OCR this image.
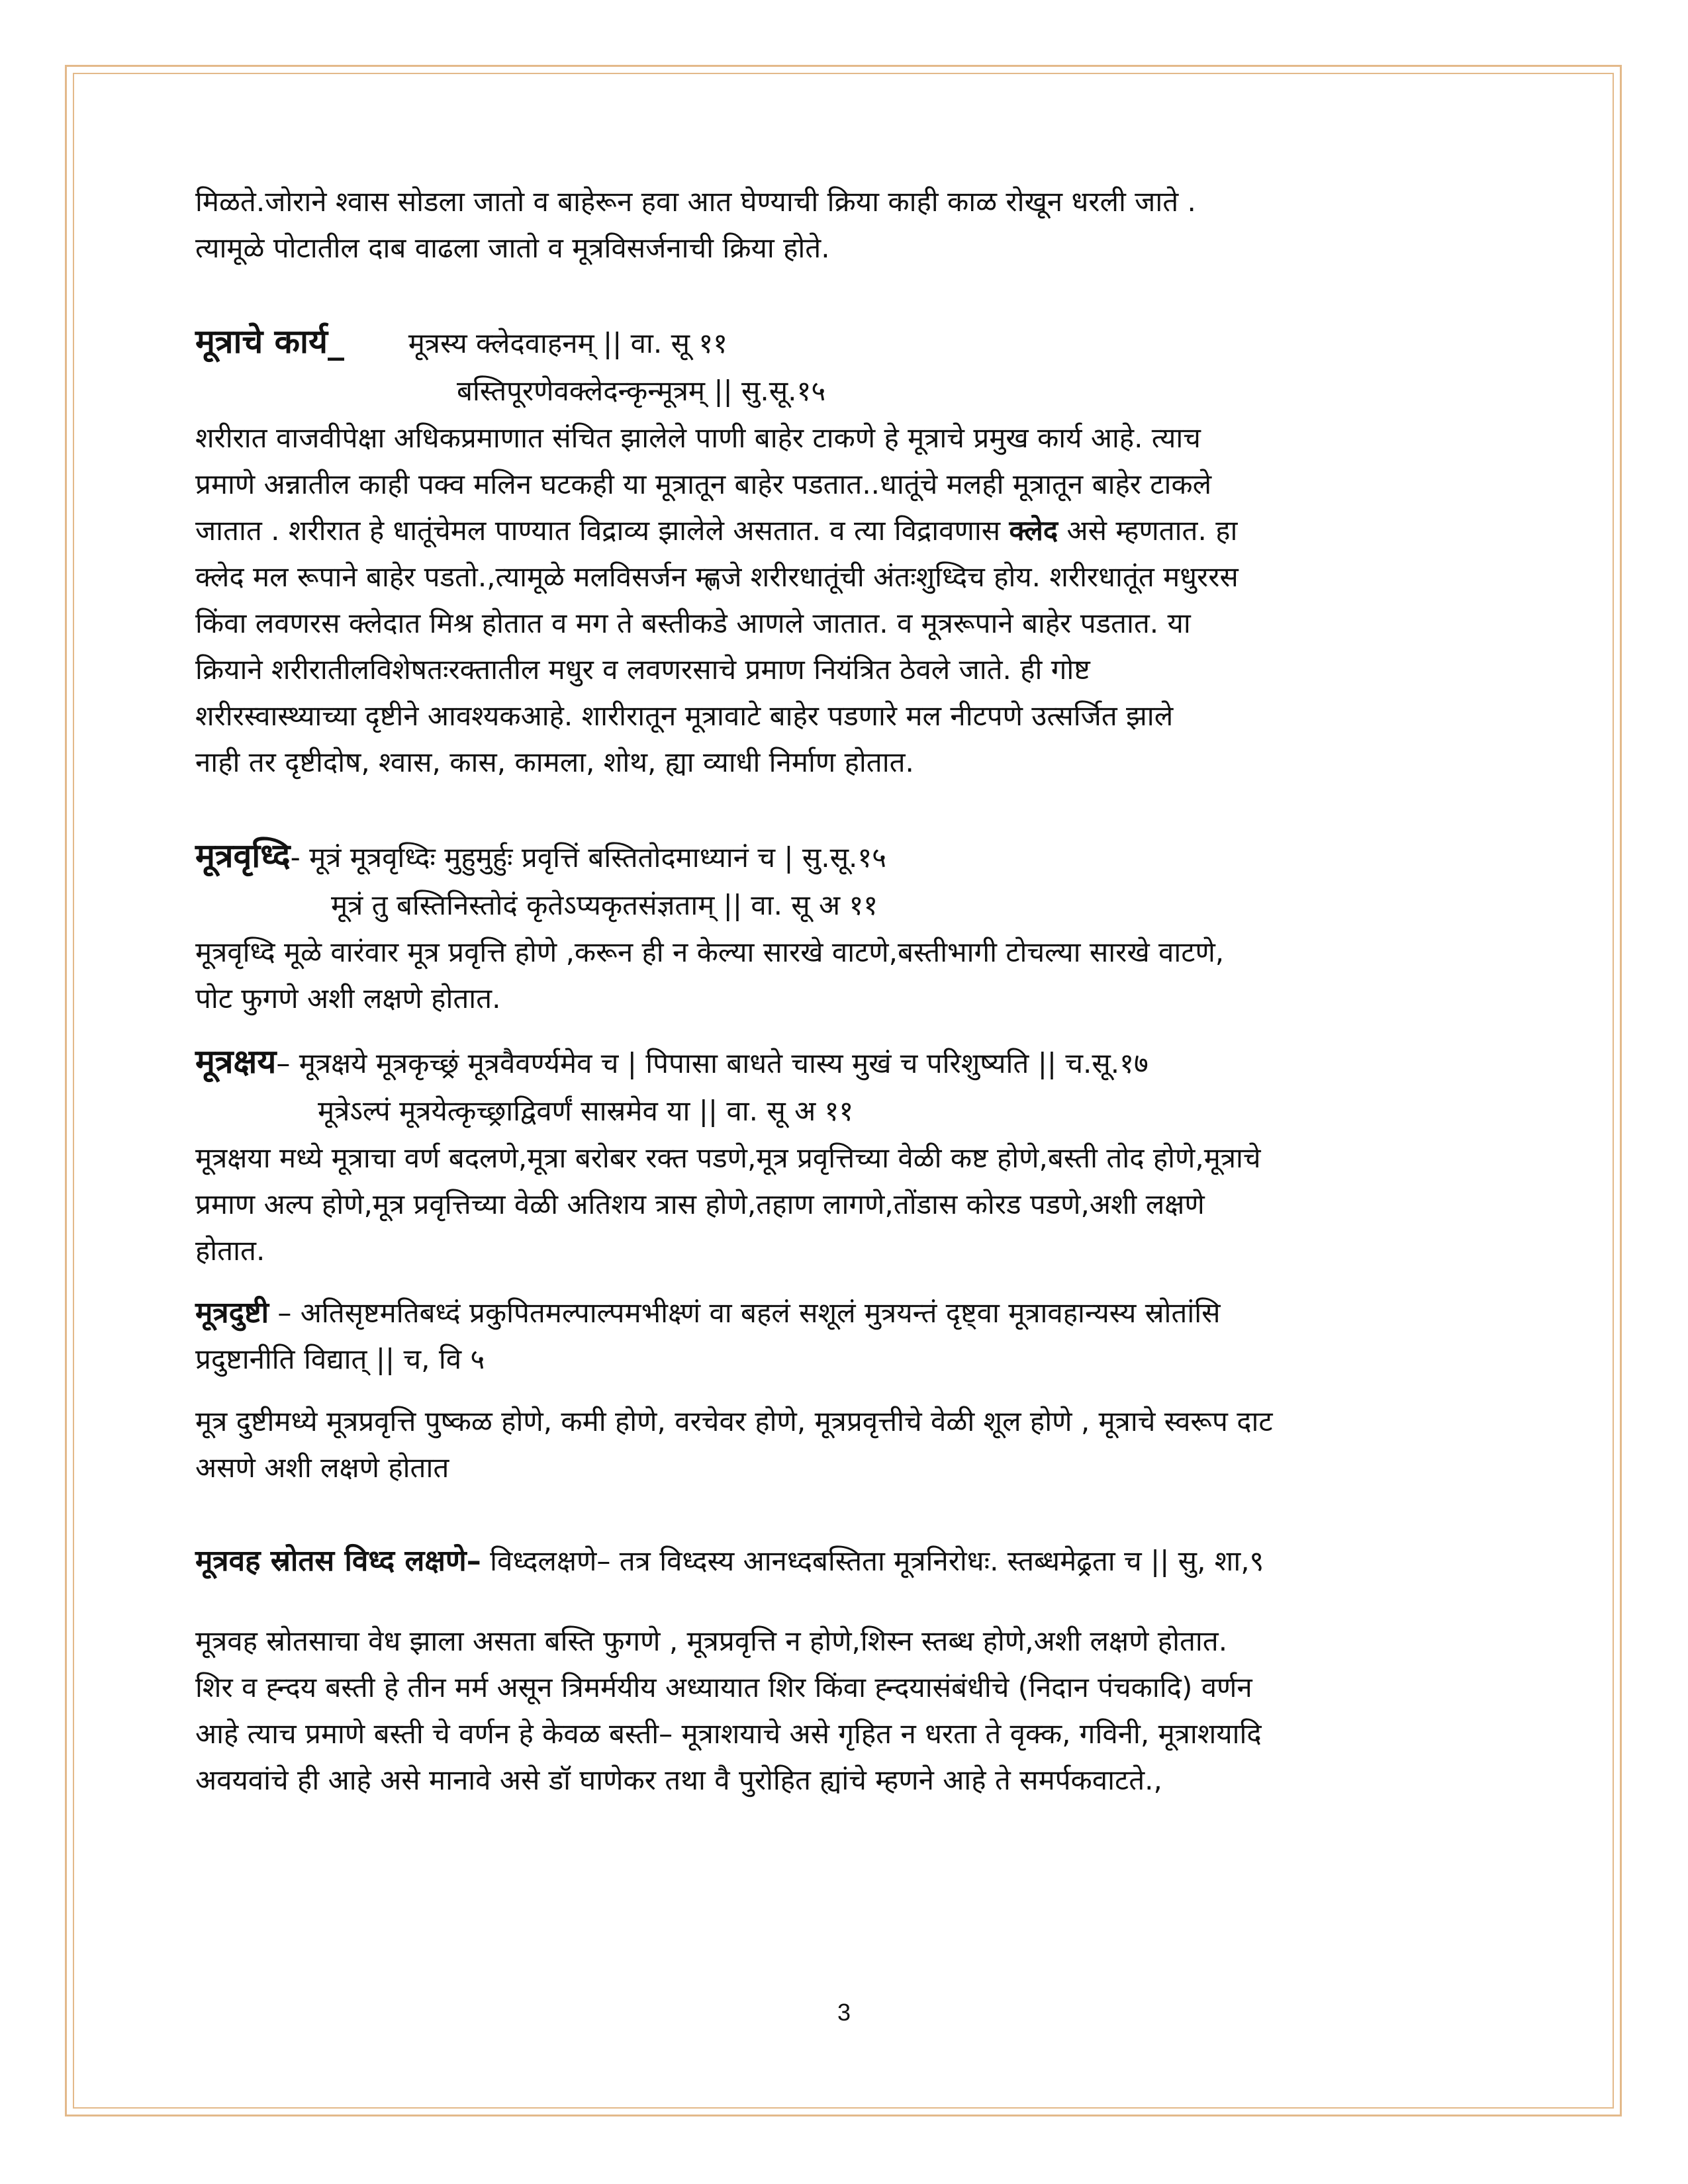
मिळते.जोराने श्वास सोडला जातो व बाहेरून हवा आत घेण्याची क्रिया काही काळ रोखून धरली जाते .
त्यामूळे पोटातील दाब वाढला जातो व मूत्रविसर्जनाची क्रिया होते.
मूत्राचे कार्य_ मूत्रस्य क्लेदवाहनम् || वा. सू ११
बस्तिपूरणेवक्लेदन्कृन्मूत्रम् || सु.सू.१५
शरीरात वाजवीपेक्षा अधिकप्रमाणात संचित झालेले पाणी बाहेर टाकणे हे मूत्राचे प्रमुख कार्य आहे. त्याच
प्रमाणे अन्नातील काही पक्व मलिन घटकही या मूत्रातून बाहेर पडतात..धातूंचे मलही मूत्रातून बाहेर टाकले
जातात . शरीरात हे धातूंचेमल पाण्यात विद्राव्य झालेले असतात. व त्या विद्रावणास क्लेद असे म्हणतात. हा
क्लेद मल रूपाने बाहेर पडतो.,त्यामूळे मलविसर्जन म्ह्णजे शरीरधातूंची अंतःशुध्दिच होय. शरीरधातूंत मधुररस
किंवा लवणरस क्लेदात मिश्र होतात व मग ते बस्तीकडे आणले जातात. व मूत्ररूपाने बाहेर पडतात. या
क्रियाने शरीरातीलविशेषतःरक्तातील मधुर व लवणरसाचे प्रमाण नियंत्रित ठेवले जाते. ही गोष्ट
शरीरस्वास्थ्याच्या दृष्टीने आवश्यकआहे. शारीरातून मूत्रावाटे बाहेर पडणारे मल नीटपणे उत्सर्जित झाले
नाही तर दृष्टीदोष, श्वास, कास, कामला, शोथ, ह्या व्याधी निर्माण होतात.
मूत्रवृध्दि- मूत्रं मूत्रवृध्दिः मुहुमुर्हुः प्रवृत्तिं बस्तितोदमाध्यानं च | सु.सू.१५
मूत्रं तु बस्तिनिस्तोदं कृतेऽप्यकृतसंज्ञताम् || वा. सू अ ११
मूत्रवृध्दि मूळे वारंवार मूत्र प्रवृत्ति होणे ,करून ही न केल्या सारखे वाटणे,बस्तीभागी टोचल्या सारखे वाटणे,
पोट फुगणे अशी लक्षणे होतात.
मूत्रक्षय– मूत्रक्षये मूत्रकृच्छ्रं मूत्रवैवर्ण्यमेव च | पिपासा बाधते चास्य मुखं च परिशुष्यति || च.सू.१७
मूत्रेऽल्पं मूत्रयेत्कृच्छ्राद्विवर्णं सास्रमेव या || वा. सू अ ११
मूत्रक्षया मध्ये मूत्राचा वर्ण बदलणे,मूत्रा बरोबर रक्त पडणे,मूत्र प्रवृत्तिच्या वेळी कष्ट होणे,बस्ती तोद होणे,मूत्राचे
प्रमाण अल्प होणे,मूत्र प्रवृत्तिच्या वेळी अतिशय त्रास होणे,तहाण लागणे,तोंडास कोरड पडणे,अशी लक्षणे
होतात.
मूत्रदुष्टी – अतिसृष्टमतिबध्दं प्रकुपितमल्पाल्पमभीक्ष्णं वा बहलं सशूलं मुत्रयन्तं दृष्ट्वा मूत्रावहान्यस्य स्रोतांसि
प्रदुष्टानीति विद्यात् || च, वि ५
मूत्र दुष्टीमध्ये मूत्रप्रवृत्ति पुष्कळ होणे, कमी होणे, वरचेवर होणे, मूत्रप्रवृत्तीचे वेळी शूल होणे , मूत्राचे स्वरूप दाट
असणे अशी लक्षणे होतात
मूत्रवह स्रोतस विध्द लक्षणे– विध्दलक्षणे– तत्र विध्दस्य आनध्दबस्तिता मूत्रनिरोधः. स्तब्धमेढ्रता च || सु, शा,९
मूत्रवह स्रोतसाचा वेध झाला असता बस्ति फुगणे , मूत्रप्रवृत्ति न होणे,शिस्न स्तब्ध होणे,अशी लक्षणे होतात.
शिर व ह्न्दय बस्ती हे तीन मर्म असून त्रिमर्मयीय अध्यायात शिर किंवा ह्न्दयासंबंधीचे (निदान पंचकादि) वर्णन
आहे त्याच प्रमाणे बस्ती चे वर्णन हे केवळ बस्ती– मूत्राशयाचे असे गृहित न धरता ते वृक्क, गविनी, मूत्राशयादि
अवयवांचे ही आहे असे मानावे असे डॉ घाणेकर तथा वै पुरोहित ह्यांचे म्हणने आहे ते समर्पकवाटते.,
3
